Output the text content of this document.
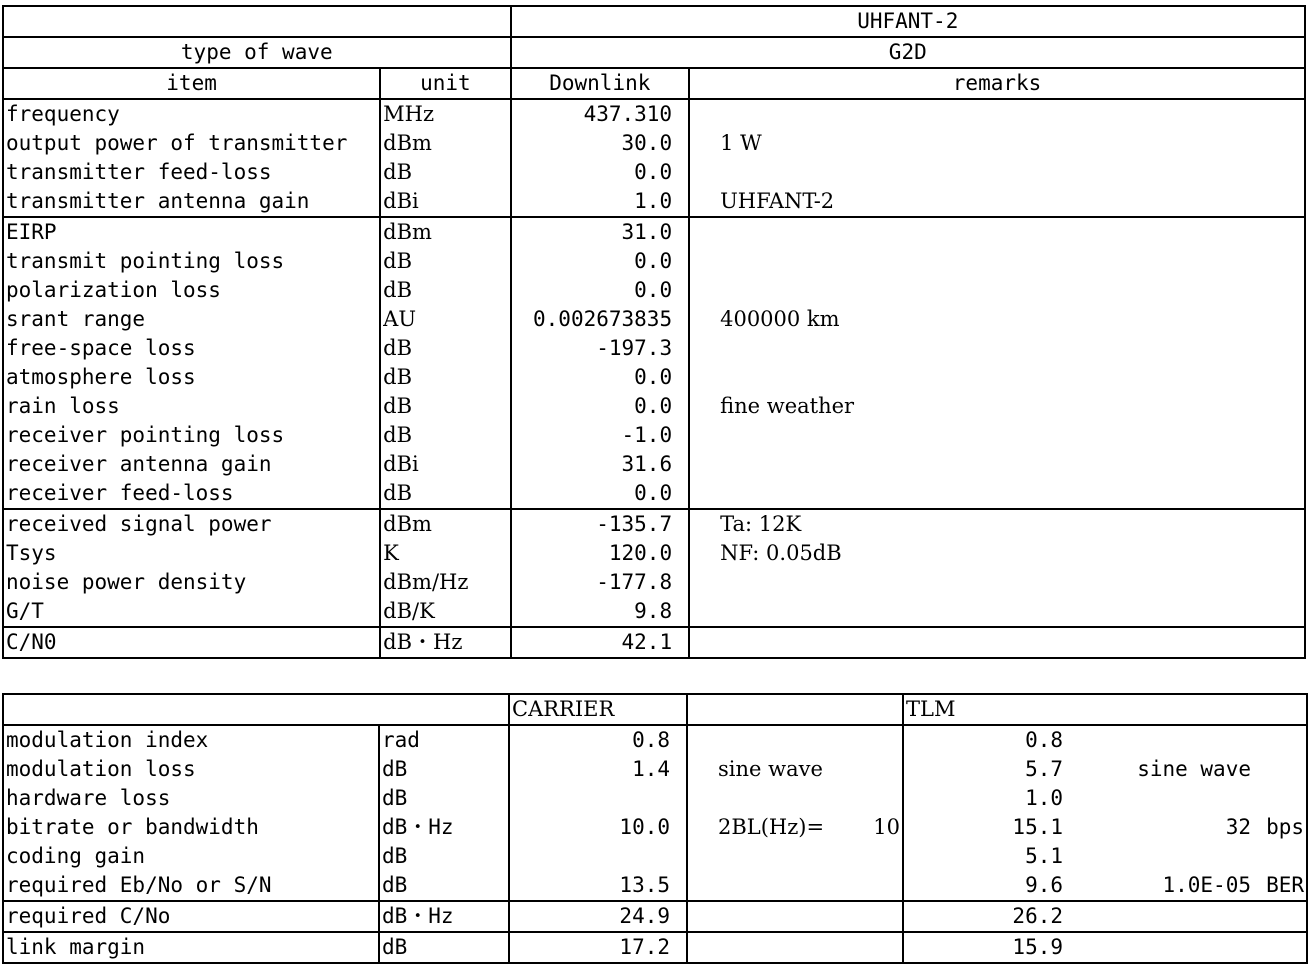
		UHFANT-2	
type of wave		G2D	
item	unit	Downlink	remarks
frequency	MHz	437.310	
output power of transmitter	dBm	30.0	1 W
transmitter feed-loss	dB	0.0	
transmitter antenna gain	dBi	1.0	UHFANT-2
EIRP	dBm	31.0	
transmit pointing loss	dB	0.0	
polarization loss	dB	0.0	
srant range	AU	0.002673835	400000 km
free-space loss	dB	-197.3	
atmosphere loss	dB	0.0	
rain loss	dB	0.0	fine weather
receiver pointing loss	dB	-1.0	
receiver antenna gain	dBi	31.6	
receiver feed-loss	dB	0.0	
received signal power	dBm	-135.7	Ta: 12K
Tsys	K	120.0	NF: 0.05dB
noise power density	dBm/Hz	-177.8	
G/T	dB/K	9.8	
C/N0	dB・Hz	42.1	
		CARRIER			TLM		
modulation index	rad	0.8			0.8		
modulation loss	dB	1.4	sine wave		5.7	sine wave	
hardware loss	dB				1.0		
bitrate or bandwidth	dB・Hz	10.0	2BL(Hz)=	10	15.1	32	bps
coding gain	dB				5.1		
required Eb/No or S/N	dB	13.5			9.6	1.0E-05	BER
required C/No	dB・Hz	24.9			26.2		
link margin	dB	17.2			15.9		
